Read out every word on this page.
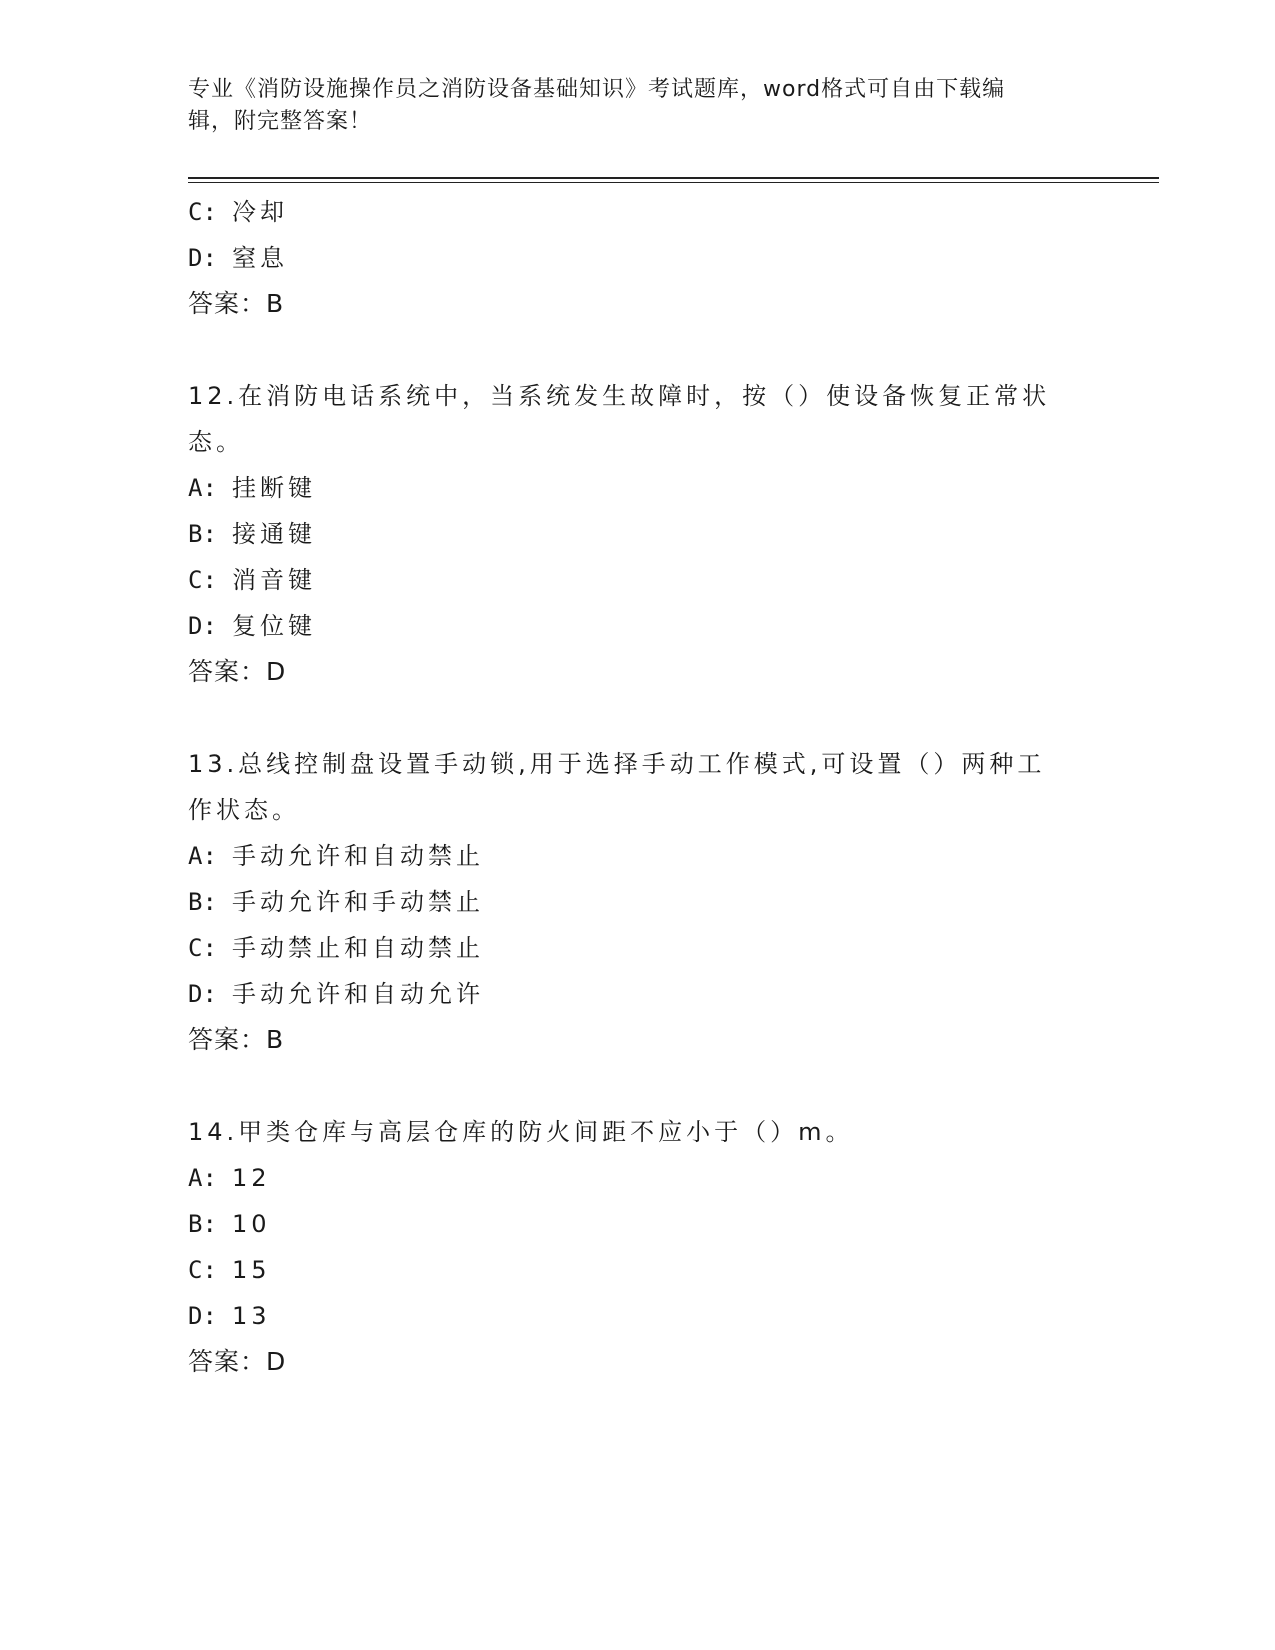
专业《消防设施操作员之消防设备基础知识》考试题库，word格式可自由下载编
辑，附完整答案！
C: 冷却
D: 窒息
答案：B
12.在消防电话系统中，当系统发生故障时，按（）使设备恢复正常状
态。
A: 挂断键
B: 接通键
C: 消音键
D: 复位键
答案：D
13.总线控制盘设置手动锁,用于选择手动工作模式,可设置（）两种工
作状态。
A: 手动允许和自动禁止
B: 手动允许和手动禁止
C: 手动禁止和自动禁止
D: 手动允许和自动允许
答案：B
14.甲类仓库与高层仓库的防火间距不应小于（）m。
A: 12
B: 10
C: 15
D: 13
答案：D
